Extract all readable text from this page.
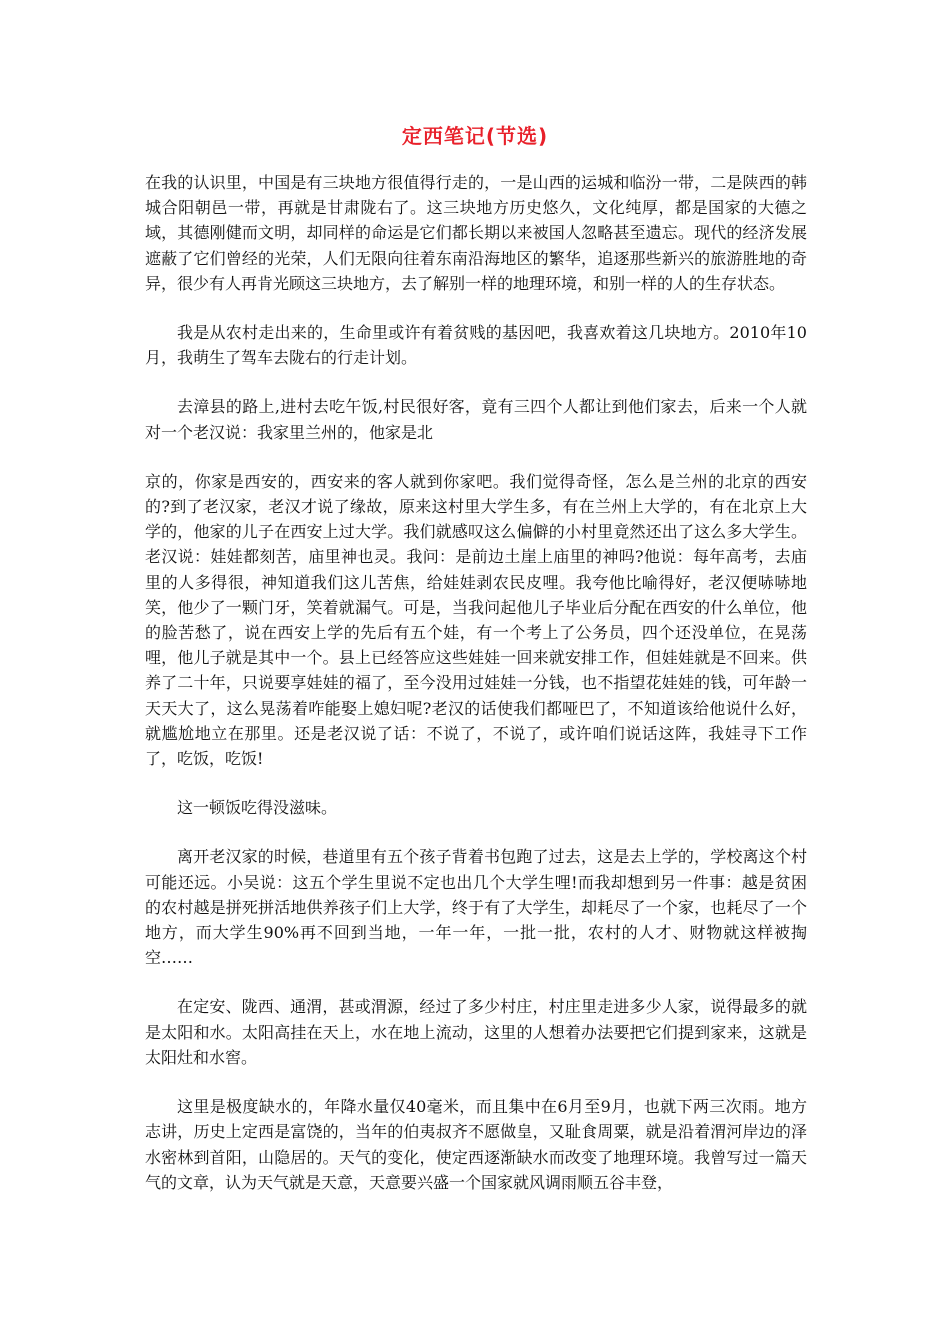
定西笔记(节选)

在我的认识里，中国是有三块地方很值得行走的，一是山西的运城和临汾一带，二是陕西的韩城合阳朝邑一带，再就是甘肃陇右了。这三块地方历史悠久，文化纯厚，都是国家的大德之域，其德刚健而文明，却同样的命运是它们都长期以来被国人忽略甚至遗忘。现代的经济发展遮蔽了它们曾经的光荣，人们无限向往着东南沿海地区的繁华，追逐那些新兴的旅游胜地的奇异，很少有人再肯光顾这三块地方，去了解别一样的地理环境，和别一样的人的生存状态。

我是从农村走出来的，生命里或许有着贫贱的基因吧，我喜欢着这几块地方。2010年10月，我萌生了驾车去陇右的行走计划。

去漳县的路上,进村去吃午饭,村民很好客，竟有三四个人都让到他们家去，后来一个人就对一个老汉说：我家里兰州的，他家是北

京的，你家是西安的，西安来的客人就到你家吧。我们觉得奇怪，怎么是兰州的北京的西安的?到了老汉家，老汉才说了缘故，原来这村里大学生多，有在兰州上大学的，有在北京上大学的，他家的儿子在西安上过大学。我们就感叹这么偏僻的小村里竟然还出了这么多大学生。老汉说：娃娃都刻苦，庙里神也灵。我问：是前边土崖上庙里的神吗?他说：每年高考，去庙里的人多得很，神知道我们这儿苦焦，给娃娃剥农民皮哩。我夸他比喻得好，老汉便哧哧地笑，他少了一颗门牙，笑着就漏气。可是，当我问起他儿子毕业后分配在西安的什么单位，他的脸苦愁了，说在西安上学的先后有五个娃，有一个考上了公务员，四个还没单位，在晃荡哩，他儿子就是其中一个。县上已经答应这些娃娃一回来就安排工作，但娃娃就是不回来。供养了二十年，只说要享娃娃的福了，至今没用过娃娃一分钱，也不指望花娃娃的钱，可年龄一天天大了，这么晃荡着咋能娶上媳妇呢?老汉的话使我们都哑巴了，不知道该给他说什么好，就尴尬地立在那里。还是老汉说了话：不说了，不说了，或许咱们说话这阵，我娃寻下工作了，吃饭，吃饭!

这一顿饭吃得没滋味。

离开老汉家的时候，巷道里有五个孩子背着书包跑了过去，这是去上学的，学校离这个村可能还远。小吴说：这五个学生里说不定也出几个大学生哩!而我却想到另一件事：越是贫困的农村越是拼死拼活地供养孩子们上大学，终于有了大学生，却耗尽了一个家，也耗尽了一个地方，而大学生90%再不回到当地，一年一年，一批一批，农村的人才、财物就这样被掏空……

在定安、陇西、通渭，甚或渭源，经过了多少村庄，村庄里走进多少人家，说得最多的就是太阳和水。太阳高挂在天上，水在地上流动，这里的人想着办法要把它们提到家来，这就是太阳灶和水窖。

这里是极度缺水的，年降水量仅40毫米，而且集中在6月至9月，也就下两三次雨。地方志讲，历史上定西是富饶的，当年的伯夷叔齐不愿做皇，又耻食周粟，就是沿着渭河岸边的泽水密林到首阳，山隐居的。天气的变化，使定西逐渐缺水而改变了地理环境。我曾写过一篇天气的文章，认为天气就是天意，天意要兴盛一个国家就风调雨顺五谷丰登，
